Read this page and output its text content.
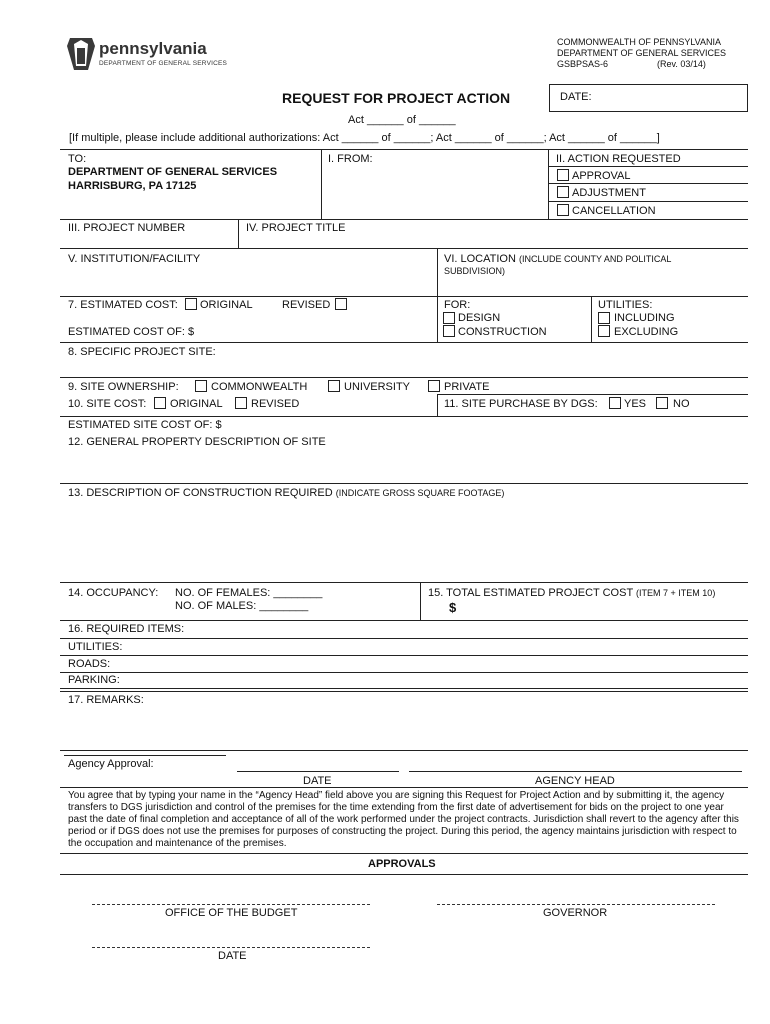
pennsylvania
DEPARTMENT OF GENERAL SERVICES
COMMONWEALTH OF PENNSYLVANIA
DEPARTMENT OF GENERAL SERVICES
GSBPSAS-6	(Rev. 03/14)
REQUEST FOR PROJECT ACTION	DATE:
Act ______ of ______
[If multiple, please include additional authorizations: Act ______ of ______; Act ______ of ______; Act ______ of ______]
TO:
DEPARTMENT OF GENERAL SERVICES
HARRISBURG, PA 17125
I. FROM:	II. ACTION REQUESTED
APPROVAL
ADJUSTMENT
CANCELLATION
III. PROJECT NUMBER	IV. PROJECT TITLE
V. INSTITUTION/FACILITY	VI. LOCATION (INCLUDE COUNTY AND POLITICAL
SUBDIVISION)
7. ESTIMATED COST: ORIGINAL	REVISED
ESTIMATED COST OF: $
FOR:
DESIGN
CONSTRUCTION
UTILITIES:
INCLUDING
EXCLUDING
8. SPECIFIC PROJECT SITE:
9. SITE OWNERSHIP:	COMMONWEALTH	UNIVERSITY	PRIVATE
10. SITE COST: ORIGINAL	REVISED	11. SITE PURCHASE BY DGS: YES NO
ESTIMATED SITE COST OF: $
12. GENERAL PROPERTY DESCRIPTION OF SITE
13. DESCRIPTION OF CONSTRUCTION REQUIRED (INDICATE GROSS SQUARE FOOTAGE)
14. OCCUPANCY: NO. OF FEMALES: ________
NO. OF MALES: ________
15. TOTAL ESTIMATED PROJECT COST (ITEM 7 + ITEM 10)
$
16. REQUIRED ITEMS:
UTILITIES:
ROADS:
PARKING:
17. REMARKS:
Agency Approval:
DATE	AGENCY HEAD
You agree that by typing your name in the “Agency Head” field above you are signing this Request for Project Action and by submitting it, the agency transfers to DGS jurisdiction and control of the premises for the time extending from the first date of advertisement for bids on the project to one year past the date of final completion and acceptance of all of the work performed under the project contracts. Jurisdiction shall revert to the agency after this period or if DGS does not use the premises for purposes of constructing the project. During this period, the agency maintains jurisdiction with respect to the occupation and maintenance of the premises.
APPROVALS
OFFICE OF THE BUDGET	GOVERNOR
DATE
